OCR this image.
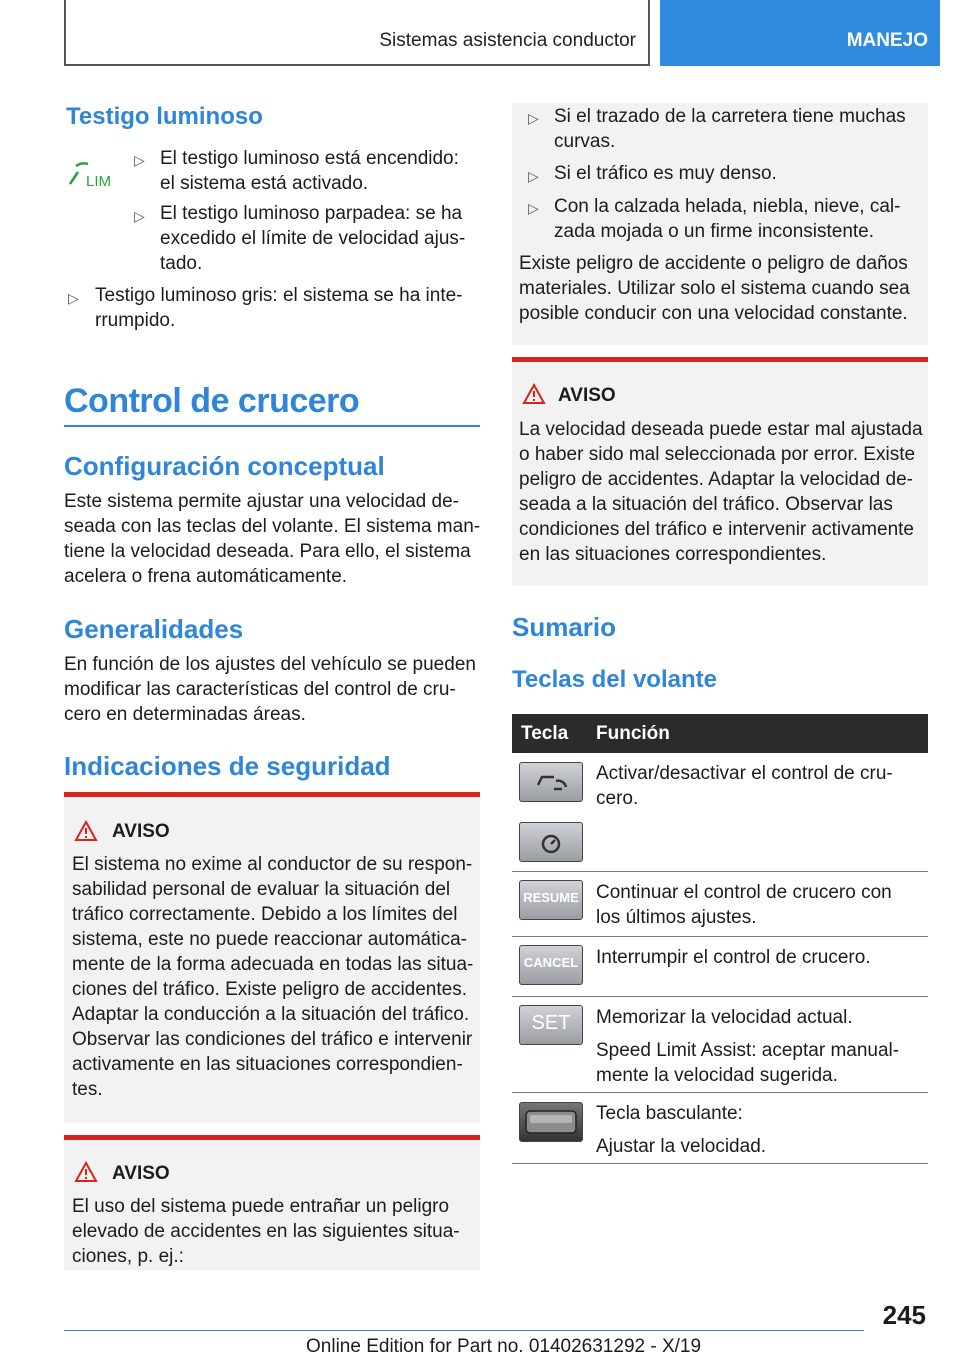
Sistemas asistencia conductor	MANEJO
Testigo luminoso
LIM
▷ El testigo luminoso está encendido:
el sistema está activado.
▷ El testigo luminoso parpadea: se ha
excedido el límite de velocidad ajus-
tado.
▷ Testigo luminoso gris: el sistema se ha inte-
rrumpido.
Control de crucero
Configuración conceptual
Este sistema permite ajustar una velocidad de-
seada con las teclas del volante. El sistema man-
tiene la velocidad deseada. Para ello, el sistema
acelera o frena automáticamente.
Generalidades
En función de los ajustes del vehículo se pueden
modificar las características del control de cru-
cero en determinadas áreas.
Indicaciones de seguridad
AVISO
El sistema no exime al conductor de su respon-
sabilidad personal de evaluar la situación del
tráfico correctamente. Debido a los límites del
sistema, este no puede reaccionar automática-
mente de la forma adecuada en todas las situa-
ciones del tráfico. Existe peligro de accidentes.
Adaptar la conducción a la situación del tráfico.
Observar las condiciones del tráfico e intervenir
activamente en las situaciones correspondien-
tes.
AVISO
El uso del sistema puede entrañar un peligro
elevado de accidentes en las siguientes situa-
ciones, p. ej.:
▷ Si el trazado de la carretera tiene muchas
curvas.
▷ Si el tráfico es muy denso.
▷ Con la calzada helada, niebla, nieve, cal-
zada mojada o un firme inconsistente.
Existe peligro de accidente o peligro de daños
materiales. Utilizar solo el sistema cuando sea
posible conducir con una velocidad constante.
AVISO
La velocidad deseada puede estar mal ajustada
o haber sido mal seleccionada por error. Existe
peligro de accidentes. Adaptar la velocidad de-
seada a la situación del tráfico. Observar las
condiciones del tráfico e intervenir activamente
en las situaciones correspondientes.
Sumario
Teclas del volante
Tecla Función
Activar/desactivar el control de cru-
cero.
RESUME Continuar el control de crucero con
los últimos ajustes.
CANCEL Interrumpir el control de crucero.
SET	Memorizar la velocidad actual.
Speed Limit Assist: aceptar manual-
mente la velocidad sugerida.
Tecla basculante:
Ajustar la velocidad.
245
Online Edition for Part no. 01402631292 - X/19
